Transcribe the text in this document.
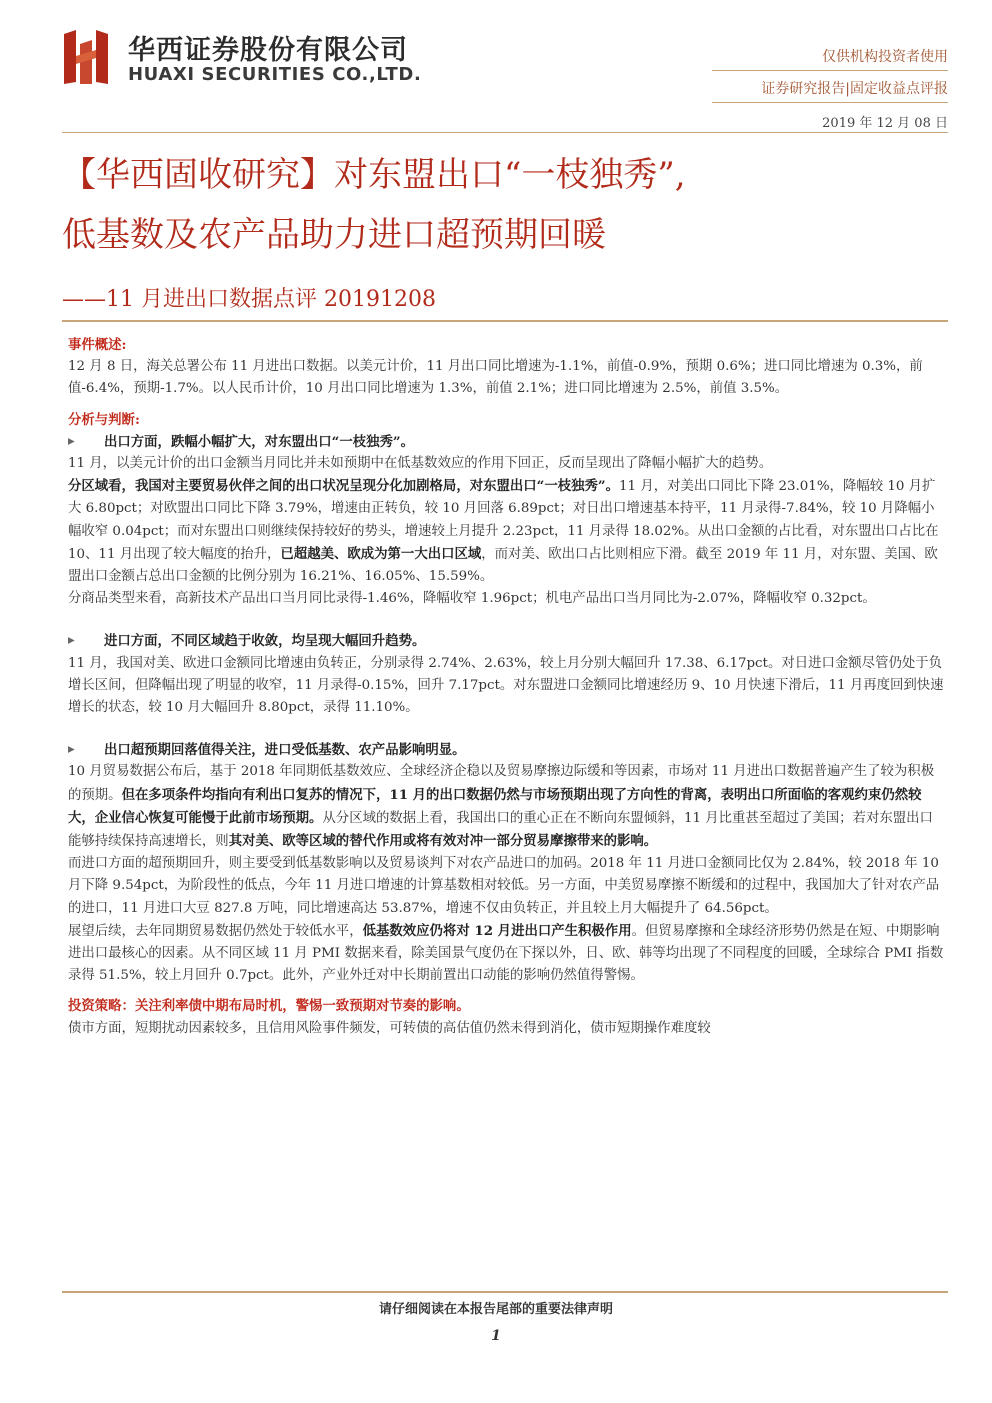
华西证券股份有限公司
HUAXI SECURITIES CO.,LTD.
仅供机构投资者使用
证券研究报告|固定收益点评报
2019 年 12 月 08 日
【华西固收研究】对东盟出口“一枝独秀”,
低基数及农产品助力进口超预期回暖
——11 月进出口数据点评 20191208

事件概述:

12 月 8 日，海关总署公布 11 月进出口数据。以美元计价，11 月出口同比增速为-1.1%，前值-0.9%，预期 0.6%；进口同比增速为 0.3%，前值-6.4%，预期-1.7%。以人民币计价，10 月出口同比增速为 1.3%，前值 2.1%；进口同比增速为 2.5%，前值 3.5%。

分析与判断:

▸ 出口方面，跌幅小幅扩大，对东盟出口“一枝独秀”。

11 月，以美元计价的出口金额当月同比并未如预期中在低基数效应的作用下回正，反而呈现出了降幅小幅扩大的趋势。

分区域看，我国对主要贸易伙伴之间的出口状况呈现分化加剧格局，对东盟出口“一枝独秀”。11 月，对美出口同比下降 23.01%，降幅较 10 月扩大 6.80pct；对欧盟出口同比下降 3.79%，增速由正转负，较 10 月回落 6.89pct；对日出口增速基本持平，11 月录得-7.84%，较 10 月降幅小幅收窄 0.04pct；而对东盟出口则继续保持较好的势头，增速较上月提升 2.23pct，11 月录得 18.02%。从出口金额的占比看，对东盟出口占比在 10、11 月出现了较大幅度的抬升，已超越美、欧成为第一大出口区域，而对美、欧出口占比则相应下滑。截至 2019 年 11 月，对东盟、美国、欧盟出口金额占总出口金额的比例分别为 16.21%、16.05%、15.59%。

分商品类型来看，高新技术产品出口当月同比录得-1.46%，降幅收窄 1.96pct；机电产品出口当月同比为-2.07%，降幅收窄 0.32pct。

▸ 进口方面，不同区域趋于收敛，均呈现大幅回升趋势。

11 月，我国对美、欧进口金额同比增速由负转正，分别录得 2.74%、2.63%，较上月分别大幅回升 17.38、6.17pct。对日进口金额尽管仍处于负增长区间，但降幅出现了明显的收窄，11 月录得-0.15%，回升 7.17pct。对东盟进口金额同比增速经历 9、10 月快速下滑后，11 月再度回到快速增长的状态，较 10 月大幅回升 8.80pct，录得 11.10%。

▸ 出口超预期回落值得关注，进口受低基数、农产品影响明显。

10 月贸易数据公布后，基于 2018 年同期低基数效应、全球经济企稳以及贸易摩擦边际缓和等因素，市场对 11 月进出口数据普遍产生了较为积极的预期。但在多项条件均指向有利出口复苏的情况下，11 月的出口数据仍然与市场预期出现了方向性的背离，表明出口所面临的客观约束仍然较大，企业信心恢复可能慢于此前市场预期。从分区域的数据上看，我国出口的重心正在不断向东盟倾斜，11 月比重甚至超过了美国；若对东盟出口能够持续保持高速增长，则其对美、欧等区域的替代作用或将有效对冲一部分贸易摩擦带来的影响。

而进口方面的超预期回升，则主要受到低基数影响以及贸易谈判下对农产品进口的加码。2018 年 11 月进口金额同比仅为 2.84%，较 2018 年 10 月下降 9.54pct，为阶段性的低点，今年 11 月进口增速的计算基数相对较低。另一方面，中美贸易摩擦不断缓和的过程中，我国加大了针对农产品的进口，11 月进口大豆 827.8 万吨，同比增速高达 53.87%，增速不仅由负转正，并且较上月大幅提升了 64.56pct。

展望后续，去年同期贸易数据仍然处于较低水平，低基数效应仍将对 12 月进出口产生积极作用。但贸易摩擦和全球经济形势仍然是在短、中期影响进出口最核心的因素。从不同区域 11 月 PMI 数据来看，除美国景气度仍在下探以外，日、欧、韩等均出现了不同程度的回暖，全球综合 PMI 指数录得 51.5%，较上月回升 0.7pct。此外，产业外迁对中长期前置出口动能的影响仍然值得警惕。

投资策略：关注利率债中期布局时机，警惕一致预期对节奏的影响。

债市方面，短期扰动因素较多，且信用风险事件频发，可转债的高估值仍然未得到消化，债市短期操作难度较

请仔细阅读在本报告尾部的重要法律声明
1
